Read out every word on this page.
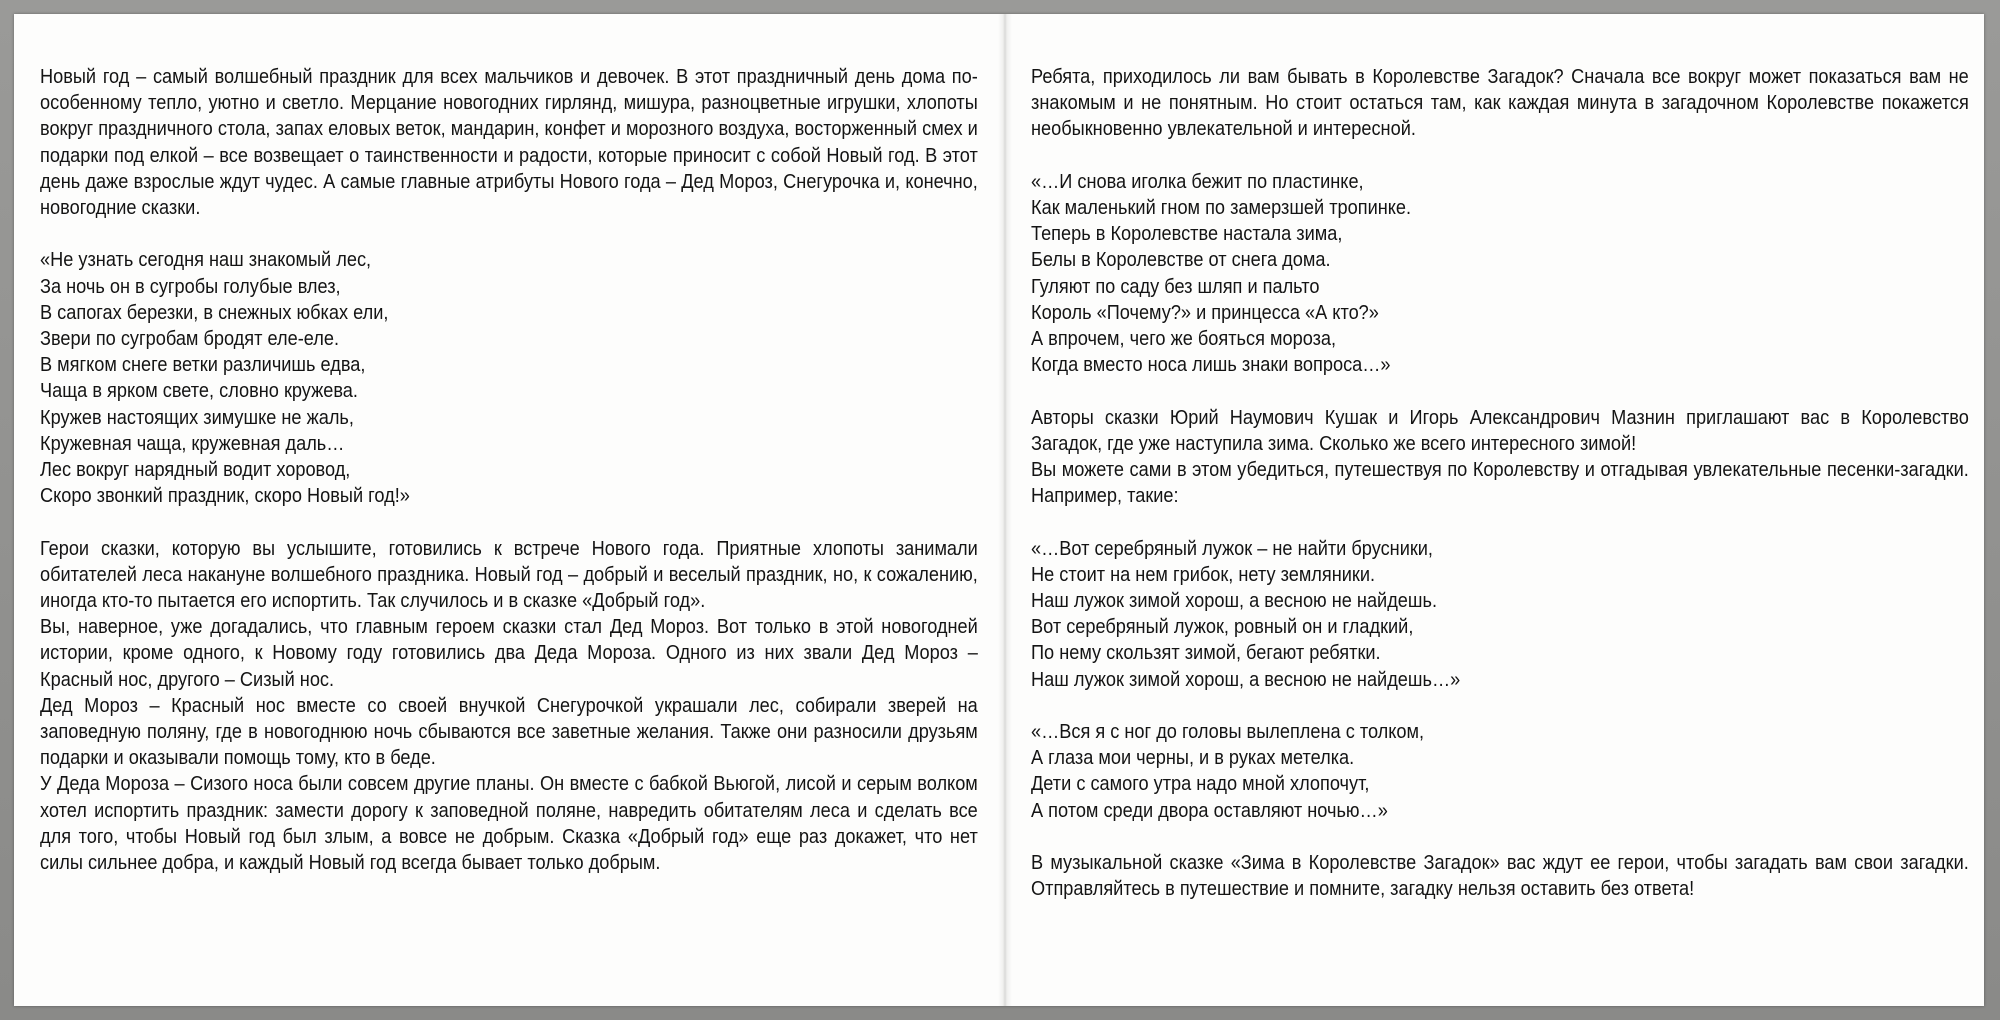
Новый год – самый волшебный праздник для всех мальчиков и девочек. В этот праздничный день дома по-особенному тепло, уютно и светло. Мерцание новогодних гирлянд, мишура, разноцветные игрушки, хлопоты вокруг праздничного стола, запах еловых веток, мандарин, конфет и морозного воздуха, восторженный смех и подарки под елкой – все возвещает о таинственности и радости, которые приносит с собой Новый год. В этот день даже взрослые ждут чудес. А самые главные атрибуты Нового года – Дед Мороз, Снегурочка и, конечно, новогодние сказки.

«Не узнать сегодня наш знакомый лес,
За ночь он в сугробы голубые влез,
В сапогах березки, в снежных юбках ели,
Звери по сугробам бродят еле-еле.
В мягком снеге ветки различишь едва,
Чаща в ярком свете, словно кружева.
Кружев настоящих зимушке не жаль,
Кружевная чаща, кружевная даль…
Лес вокруг нарядный водит хоровод,
Скоро звонкий праздник, скоро Новый год!»

Герои сказки, которую вы услышите, готовились к встрече Нового года. Приятные хлопоты занимали обитателей леса накануне волшебного праздника. Новый год – добрый и веселый праздник, но, к сожалению, иногда кто-то пытается его испортить. Так случилось и в сказке «Добрый год».

Вы, наверное, уже догадались, что главным героем сказки стал Дед Мороз. Вот только в этой новогодней истории, кроме одного, к Новому году готовились два Деда Мороза. Одного из них звали Дед Мороз – Красный нос, другого – Сизый нос.

Дед Мороз – Красный нос вместе со своей внучкой Снегурочкой украшали лес, собирали зверей на заповедную поляну, где в новогоднюю ночь сбываются все заветные желания. Также они разносили друзьям подарки и оказывали помощь тому, кто в беде.

У Деда Мороза – Сизого носа были совсем другие планы. Он вместе с бабкой Вьюгой, лисой и серым волком хотел испортить праздник: замести дорогу к заповедной поляне, навредить обитателям леса и сделать все для того, чтобы Новый год был злым, а вовсе не добрым. Сказка «Добрый год» еще раз докажет, что нет силы сильнее добра, и каждый Новый год всегда бывает только добрым.

Ребята, приходилось ли вам бывать в Королевстве Загадок? Сначала все вокруг может показаться вам не знакомым и не понятным. Но стоит остаться там, как каждая минута в загадочном Королевстве покажется необыкновенно увлекательной и интересной.

«…И снова иголка бежит по пластинке,
Как маленький гном по замерзшей тропинке.
Теперь в Королевстве настала зима,
Белы в Королевстве от снега дома.
Гуляют по саду без шляп и пальто
Король «Почему?» и принцесса «А кто?»
А впрочем, чего же бояться мороза,
Когда вместо носа лишь знаки вопроса…»

Авторы сказки Юрий Наумович Кушак и Игорь Александрович Мазнин приглашают вас в Королевство Загадок, где уже наступила зима. Сколько же всего интересного зимой!

Вы можете сами в этом убедиться, путешествуя по Королевству и отгадывая увлекательные песенки-загадки. Например, такие:

«…Вот серебряный лужок – не найти брусники,
Не стоит на нем грибок, нету земляники.
Наш лужок зимой хорош, а весною не найдешь.
Вот серебряный лужок, ровный он и гладкий,
По нему скользят зимой, бегают ребятки.
Наш лужок зимой хорош, а весною не найдешь…»
«…Вся я с ног до головы вылеплена с толком,
А глаза мои черны, и в руках метелка.
Дети с самого утра надо мной хлопочут,
А потом среди двора оставляют ночью…»

В музыкальной сказке «Зима в Королевстве Загадок» вас ждут ее герои, чтобы загадать вам свои загадки. Отправляйтесь в путешествие и помните, загадку нельзя оставить без ответа!
